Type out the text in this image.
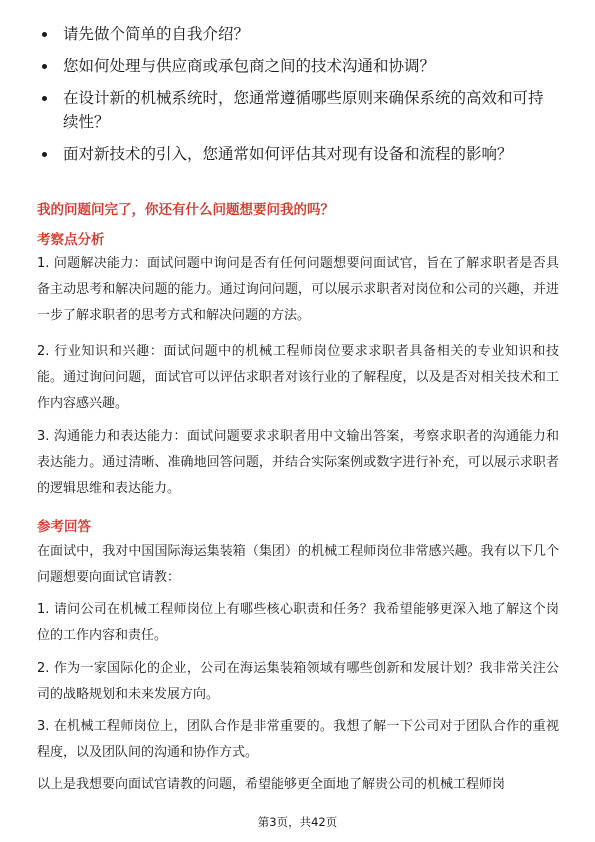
请先做个简单的自我介绍？
您如何处理与供应商或承包商之间的技术沟通和协调？
在设计新的机械系统时，您通常遵循哪些原则来确保系统的高效和可持续性？
面对新技术的引入，您通常如何评估其对现有设备和流程的影响？
我的问题问完了，你还有什么问题想要问我的吗？
考察点分析

1. 问题解决能力：面试问题中询问是否有任何问题想要问面试官，旨在了解求职者是否具备主动思考和解决问题的能力。通过询问问题，可以展示求职者对岗位和公司的兴趣，并进一步了解求职者的思考方式和解决问题的方法。

2. 行业知识和兴趣：面试问题中的机械工程师岗位要求求职者具备相关的专业知识和技能。通过询问问题，面试官可以评估求职者对该行业的了解程度，以及是否对相关技术和工作内容感兴趣。

3. 沟通能力和表达能力：面试问题要求求职者用中文输出答案，考察求职者的沟通能力和表达能力。通过清晰、准确地回答问题，并结合实际案例或数字进行补充，可以展示求职者的逻辑思维和表达能力。

参考回答

在面试中，我对中国国际海运集装箱（集团）的机械工程师岗位非常感兴趣。我有以下几个问题想要向面试官请教：

1. 请问公司在机械工程师岗位上有哪些核心职责和任务？我希望能够更深入地了解这个岗位的工作内容和责任。

2. 作为一家国际化的企业，公司在海运集装箱领域有哪些创新和发展计划？我非常关注公司的战略规划和未来发展方向。

3. 在机械工程师岗位上，团队合作是非常重要的。我想了解一下公司对于团队合作的重视程度，以及团队间的沟通和协作方式。

以上是我想要向面试官请教的问题，希望能够更全面地了解贵公司的机械工程师岗

第3页，共42页
